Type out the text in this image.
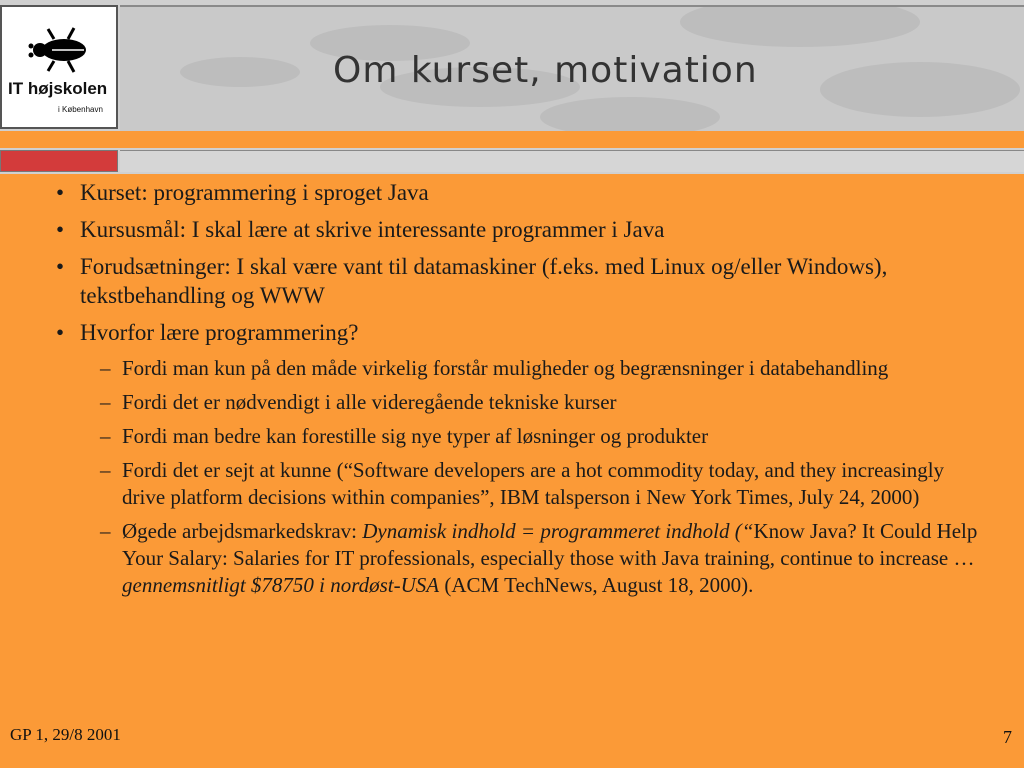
IT højskolen
i København
Om kurset, motivation
• Kurset: programmering i sproget Java
• Kursusmål: I skal lære at skrive interessante programmer i Java
• Forudsætninger: I skal være vant til datamaskiner (f.eks. med Linux og/eller Windows), tekstbehandling og WWW
• Hvorfor lære programmering?
– Fordi man kun på den måde virkelig forstår muligheder og begrænsninger i databehandling
– Fordi det er nødvendigt i alle videregående tekniske kurser
– Fordi man bedre kan forestille sig nye typer af løsninger og produkter
– Fordi det er sejt at kunne (“Software developers are a hot commodity today, and they increasingly drive platform decisions within companies”, IBM talsperson i New York Times, July 24, 2000)
– Øgede arbejdsmarkedskrav: Dynamisk indhold = programmeret indhold (“Know Java? It Could Help Your Salary: Salaries for IT professionals, especially those with Java training, continue to increase … gennemsnitligt $78750 i nordøst-USA (ACM TechNews, August 18, 2000).
GP 1, 29/8 2001	7
